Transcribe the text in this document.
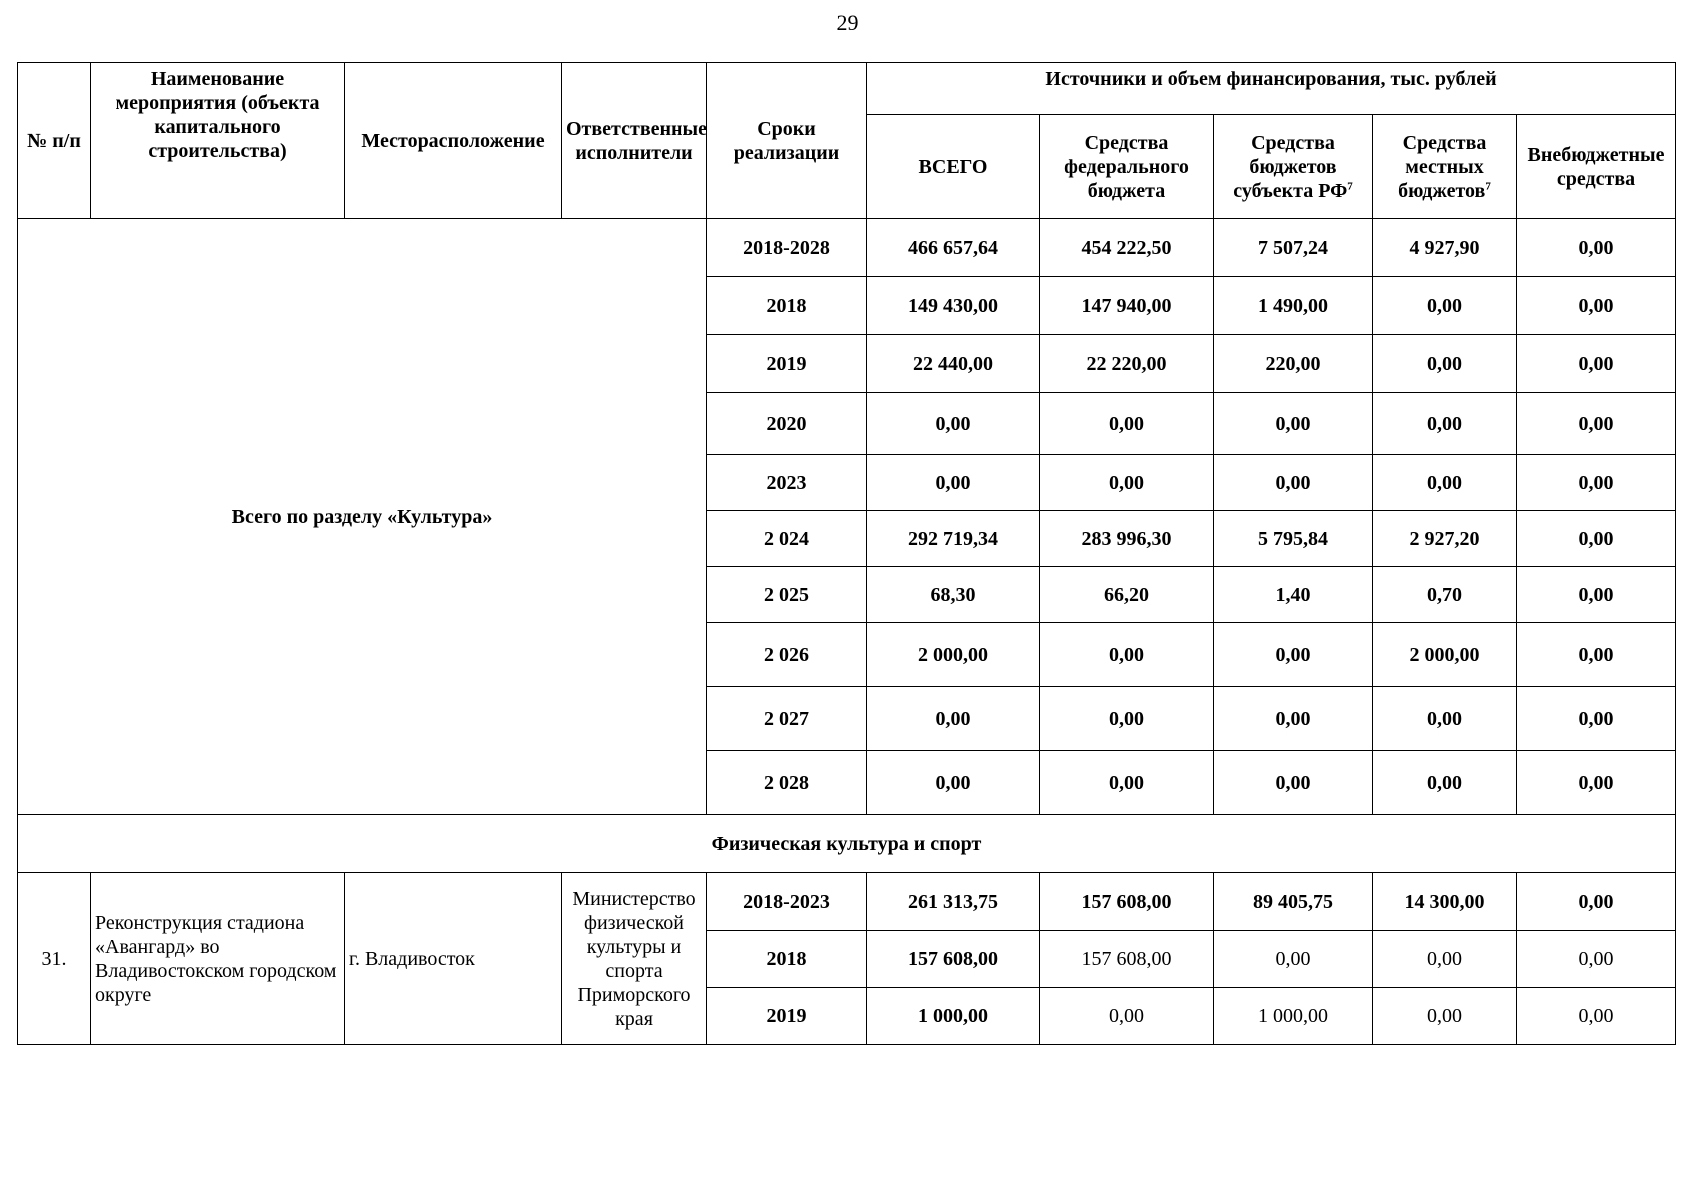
29
№ п/п	Наименование мероприятия (объекта капитального строительства)	Месторасположение	Ответственные исполнители	Сроки реализации	Источники и объем финансирования, тыс. рублей				
					ВСЕГО	Средства федерального бюджета	Средства бюджетов субъекта $РФ^7$	Средства местных бюджетов$^7$	Внебюджетные средства
Всего по разделу «Культура»				2018-2028	466 657,64	454 222,50	7 507,24	4 927,90	0,00
				2018	149 430,00	147 940,00	1 490,00	0,00	0,00
				2019	22 440,00	22 220,00	220,00	0,00	0,00
				2020	0,00	0,00	0,00	0,00	0,00
				2023	0,00	0,00	0,00	0,00	0,00
				2 024	292 719,34	283 996,30	5 795,84	2 927,20	0,00
				2 025	68,30	66,20	1,40	0,70	0,00
				2 026	2 000,00	0,00	0,00	2 000,00	0,00
				2 027	0,00	0,00	0,00	0,00	0,00
				2 028	0,00	0,00	0,00	0,00	0,00
Физическая культура и спорт									
31.	Реконструкция стадиона «Авангард» во Владивостокском городском округе	г. Владивосток	Министерство физической культуры и спорта Приморского края	2018-2023	261 313,75	157 608,00	89 405,75	14 300,00	0,00
				2018	157 608,00	157 608,00	0,00	0,00	0,00
				2019	1 000,00	0,00	1 000,00	0,00	0,00
